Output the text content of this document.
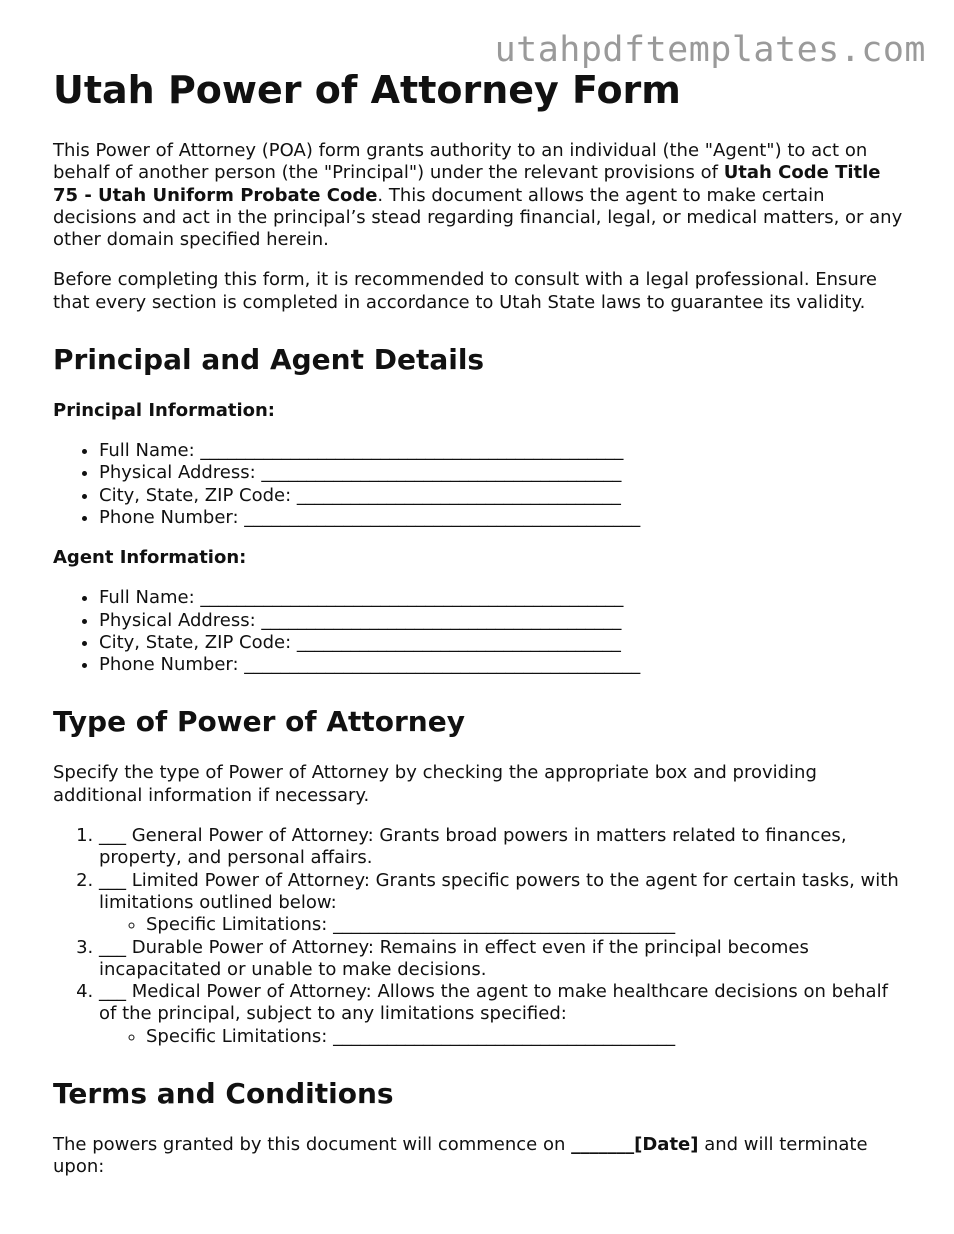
utahpdftemplates.com
Utah Power of Attorney Form

This Power of Attorney (POA) form grants authority to an individual (the "Agent") to act on behalf of another person (the "Principal") under the relevant provisions of Utah Code Title 75 - Utah Uniform Probate Code. This document allows the agent to make certain decisions and act in the principal’s stead regarding financial, legal, or medical matters, or any other domain specified herein.

Before completing this form, it is recommended to consult with a legal professional. Ensure that every section is completed in accordance to Utah State laws to guarantee its validity.

Principal and Agent Details
Principal Information:
• Full Name: _______________________________________________
• Physical Address: ________________________________________
• City, State, ZIP Code: ____________________________________
• Phone Number: ____________________________________________
Agent Information:
• Full Name: _______________________________________________
• Physical Address: ________________________________________
• City, State, ZIP Code: ____________________________________
• Phone Number: ____________________________________________
Type of Power of Attorney

Specify the type of Power of Attorney by checking the appropriate box and providing additional information if necessary.

1. ___ General Power of Attorney: Grants broad powers in matters related to finances, property, and personal affairs.
2. ___ Limited Power of Attorney: Grants specific powers to the agent for certain tasks, with limitations outlined below:
◦ Specific Limitations: ______________________________________
3. ___ Durable Power of Attorney: Remains in effect even if the principal becomes incapacitated or unable to make decisions.
4. ___ Medical Power of Attorney: Allows the agent to make healthcare decisions on behalf of the principal, subject to any limitations specified:
◦ Specific Limitations: ______________________________________
Terms and Conditions

The powers granted by this document will commence on _______[Date] and will terminate upon:
